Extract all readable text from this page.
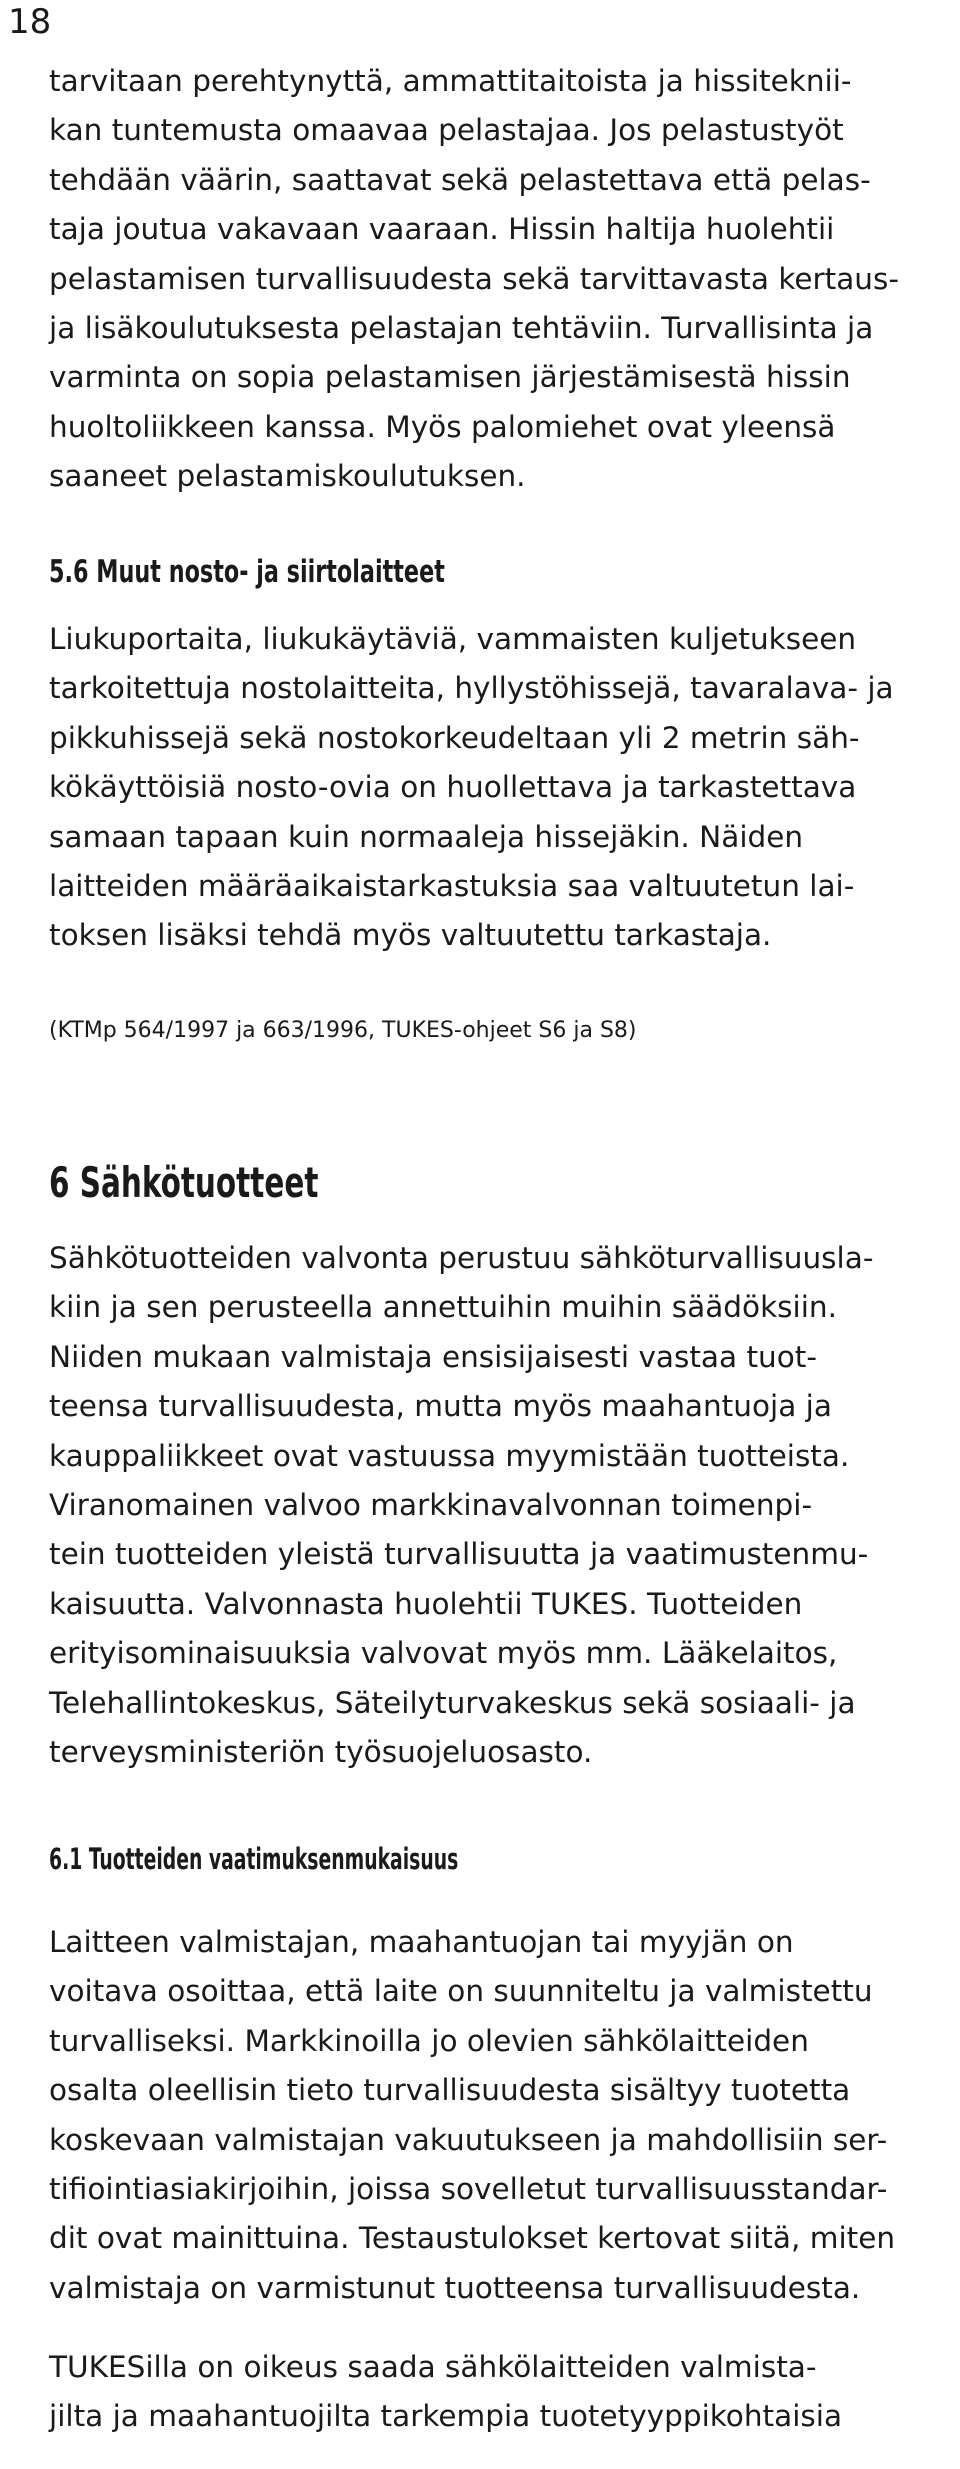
18

tarvitaan perehtynyttä, ammattitaitoista ja hissiteknii-
kan tuntemusta omaavaa pelastajaa. Jos pelastustyöt
tehdään väärin, saattavat sekä pelastettava että pelas-
taja joutua vakavaan vaaraan. Hissin haltija huolehtii
pelastamisen turvallisuudesta sekä tarvittavasta kertaus-
ja lisäkoulutuksesta pelastajan tehtäviin. Turvallisinta ja
varminta on sopia pelastamisen järjestämisestä hissin
huoltoliikkeen kanssa. Myös palomiehet ovat yleensä
saaneet pelastamiskoulutuksen.

5.6 Muut nosto- ja siirtolaitteet

Liukuportaita, liukukäytäviä, vammaisten kuljetukseen
tarkoitettuja nostolaitteita, hyllystöhissejä, tavaralava- ja
pikkuhissejä sekä nostokorkeudeltaan yli 2 metrin säh-
kökäyttöisiä nosto-ovia on huollettava ja tarkastettava
samaan tapaan kuin normaaleja hissejäkin. Näiden
laitteiden määräaikaistarkastuksia saa valtuutetun lai-
toksen lisäksi tehdä myös valtuutettu tarkastaja.

(KTMp 564/1997 ja 663/1996, TUKES-ohjeet S6 ja S8)

6 Sähkötuotteet

Sähkötuotteiden valvonta perustuu sähköturvallisuusla-
kiin ja sen perusteella annettuihin muihin säädöksiin.
Niiden mukaan valmistaja ensisijaisesti vastaa tuot-
teensa turvallisuudesta, mutta myös maahantuoja ja
kauppaliikkeet ovat vastuussa myymistään tuotteista.
Viranomainen valvoo markkinavalvonnan toimenpi-
tein tuotteiden yleistä turvallisuutta ja vaatimustenmu-
kaisuutta. Valvonnasta huolehtii TUKES. Tuotteiden
erityisominaisuuksia valvovat myös mm. Lääkelaitos,
Telehallintokeskus, Säteilyturvakeskus sekä sosiaali- ja
terveysministeriön työsuojeluosasto.

6.1 Tuotteiden vaatimuksenmukaisuus

Laitteen valmistajan, maahantuojan tai myyjän on
voitava osoittaa, että laite on suunniteltu ja valmistettu
turvalliseksi. Markkinoilla jo olevien sähkölaitteiden
osalta oleellisin tieto turvallisuudesta sisältyy tuotetta
koskevaan valmistajan vakuutukseen ja mahdollisiin ser-
tifiointiasiakirjoihin, joissa sovelletut turvallisuusstandar-
dit ovat mainittuina. Testaustulokset kertovat siitä, miten
valmistaja on varmistunut tuotteensa turvallisuudesta.

TUKESilla on oikeus saada sähkölaitteiden valmista-
jilta ja maahantuojilta tarkempia tuotetyyppikohtaisia
